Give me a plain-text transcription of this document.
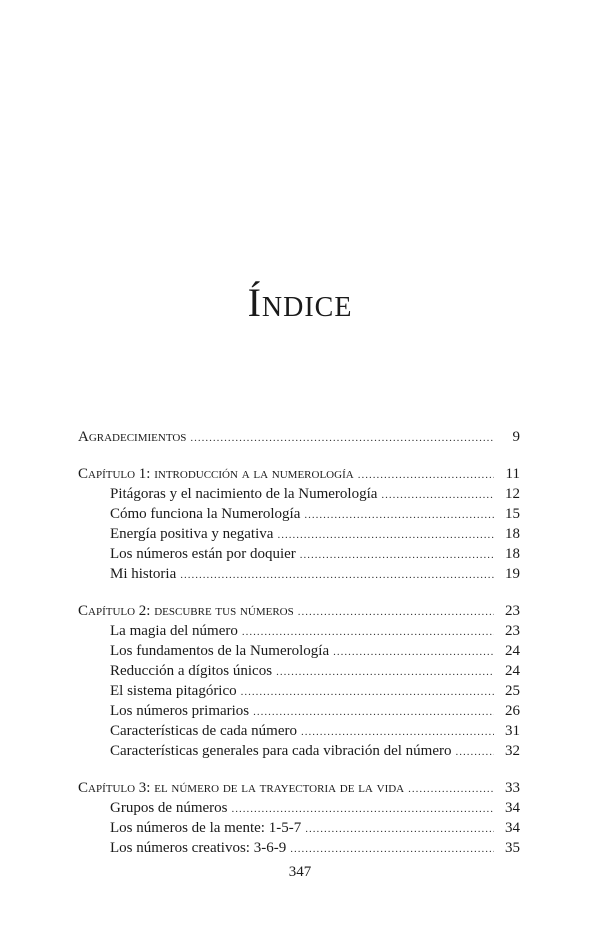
Índice
Agradecimientos .....	9
Capítulo 1: introducción a la numerología .....	11
Pitágoras y el nacimiento de la Numerología .....	12
Cómo funciona la Numerología .....	15
Energía positiva y negativa .....	18
Los números están por doquier .....	18
Mi historia .....	19
Capítulo 2: descubre tus números .....	23
La magia del número .....	23
Los fundamentos de la Numerología .....	24
Reducción a dígitos únicos .....	24
El sistema pitagórico .....	25
Los números primarios .....	26
Características de cada número .....	31
Características generales para cada vibración del número .....	32
Capítulo 3: el número de la trayectoria de la vida .....	33
Grupos de números .....	34
Los números de la mente: 1-5-7 .....	34
Los números creativos: 3-6-9 .....	35
347
